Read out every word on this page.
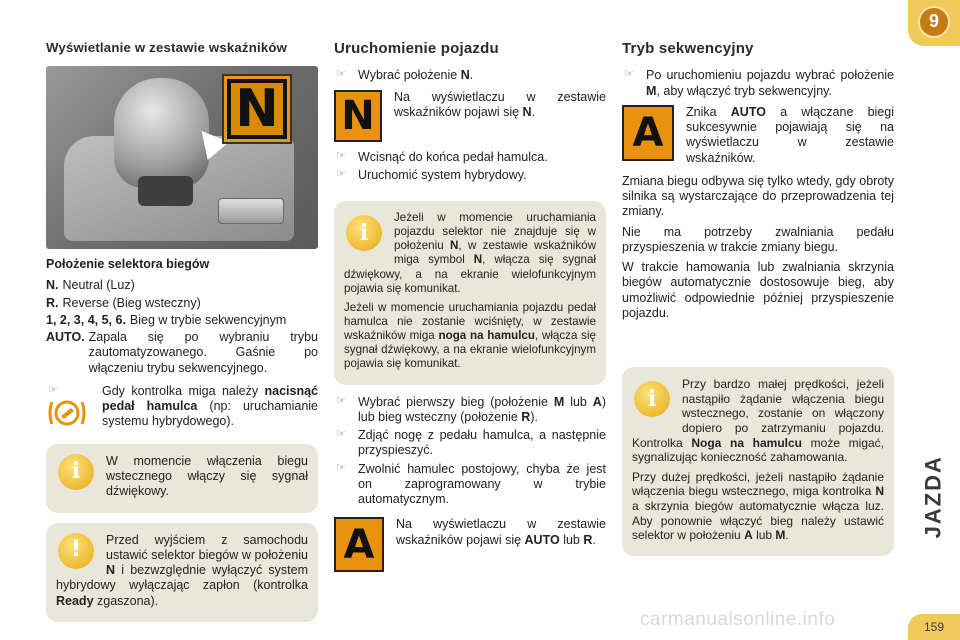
9
JAZDA
159
carmanualsonline.info
Wyświetlanie w zestawie wskaźników
N
Położenie selektora biegów
N. Neutral (Luz)
R. Reverse (Bieg wsteczny)
1, 2, 3, 4, 5, 6. Bieg w trybie sekwencyjnym
AUTO. Zapala się po wybraniu trybu zautomatyzowanego. Gaśnie po włączeniu trybu sekwencyjnego.
☞	Gdy kontrolka miga należy nacisnąć pedał hamulca (np: uruchamianie systemu hybrydowego).
i	W momencie włączenia biegu wstecznego włączy się sygnał dźwiękowy.

!	Przed wyjściem z samochodu ustawić selektor biegów w położeniu N i bezwzględnie wyłączyć system hybrydowy wyłączając zapłon (kontrolka Ready zgaszona).

Uruchomienie pojazdu
☞ Wybrać położenie N.
N	Na wyświetlaczu w zestawie wskaźników pojawi się N.

☞ Wcisnąć do końca pedał hamulca.
☞ Uruchomić system hybrydowy.
i

Jeżeli w momencie uruchamiania pojazdu selektor nie znajduje się w położeniu N, w zestawie wskaźników miga symbol N, włącza się sygnał dźwiękowy, a na ekranie wielofunkcyjnym pojawia się komunikat.

Jeżeli w momencie uruchamiania pojazdu pedał hamulca nie zostanie wciśnięty, w zestawie wskaźników miga noga na hamulcu, włącza się sygnał dźwiękowy, a na ekranie wielofunkcyjnym pojawia się komunikat.

☞ Wybrać pierwszy bieg (położenie M lub A) lub bieg wsteczny (położenie R).
☞ Zdjąć nogę z pedału hamulca, a następnie przyspieszyć.
☞ Zwolnić hamulec postojowy, chyba że jest on zaprogramowany w trybie automatycznym.
A	Na wyświetlaczu w zestawie wskaźników pojawi się AUTO lub R.

Tryb sekwencyjny
☞ Po uruchomieniu pojazdu wybrać położenie M, aby włączyć tryb sekwencyjny.
A	Znika AUTO a włączane biegi sukcesywnie pojawiają się na wyświetlaczu w zestawie wskaźników.

Zmiana biegu odbywa się tylko wtedy, gdy obroty silnika są wystarczające do przeprowadzenia tej zmiany.

Nie ma potrzeby zwalniania pedału przyspieszenia w trakcie zmiany biegu.

W trakcie hamowania lub zwalniania skrzynia biegów automatycznie dostosowuje bieg, aby umożliwić odpowiednie później przyspieszenie pojazdu.

i

Przy bardzo małej prędkości, jeżeli nastąpiło żądanie włączenia biegu wstecznego, zostanie on włączony dopiero po zatrzymaniu pojazdu. Kontrolka Noga na hamulcu może migać, sygnalizując konieczność zahamowania.

Przy dużej prędkości, jeżeli nastąpiło żądanie włączenia biegu wstecznego, miga kontrolka N a skrzynia biegów automatycznie włącza luz. Aby ponownie włączyć bieg należy ustawić selektor w położeniu A lub M.
